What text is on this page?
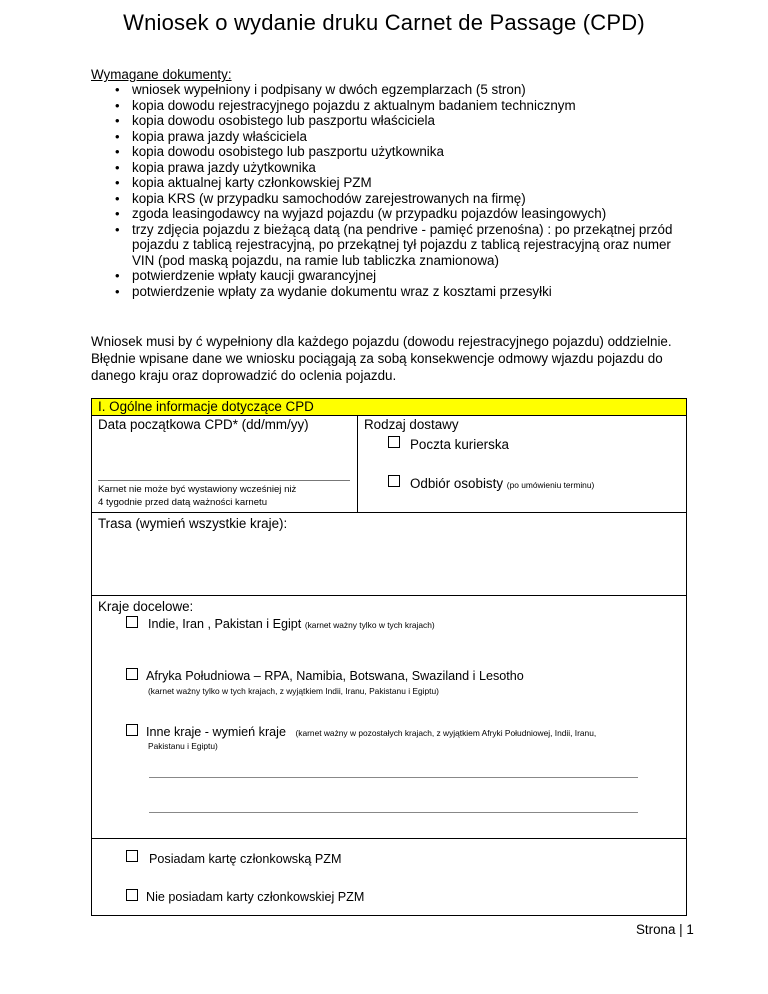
Wniosek o wydanie druku Carnet de Passage (CPD)
Wymagane dokumenty:
• wniosek wypełniony i podpisany w dwóch egzemplarzach (5 stron)
• kopia dowodu rejestracyjnego pojazdu z aktualnym badaniem technicznym
• kopia dowodu osobistego lub paszportu właściciela
• kopia prawa jazdy właściciela
• kopia dowodu osobistego lub paszportu użytkownika
• kopia prawa jazdy użytkownika
• kopia aktualnej karty członkowskiej PZM
• kopia KRS (w przypadku samochodów zarejestrowanych na firmę)
• zgoda leasingodawcy na wyjazd pojazdu (w przypadku pojazdów leasingowych)
• trzy zdjęcia pojazdu z bieżącą datą (na pendrive - pamięć przenośna) : po przekątnej przód pojazdu z tablicą rejestracyjną, po przekątnej tył pojazdu z tablicą rejestracyjną oraz numer VIN (pod maską pojazdu, na ramie lub tabliczka znamionowa)
• potwierdzenie wpłaty kaucji gwarancyjnej
• potwierdzenie wpłaty za wydanie dokumentu wraz z kosztami przesyłki

Wniosek musi by ć wypełniony dla każdego pojazdu (dowodu rejestracyjnego pojazdu) oddzielnie. Błędnie wpisane dane we wniosku pociągają za sobą konsekwencje odmowy wjazdu pojazdu do danego kraju oraz doprowadzić do oclenia pojazdu.

I. Ogólne informacje dotyczące CPD
Data początkowa CPD* (dd/mm/yy)
Karnet nie może być wystawiony wcześniej niż
4 tygodnie przed datą ważności karnetu
Rodzaj dostawy
Poczta kurierska
Odbiór osobisty (po umówieniu terminu)
Trasa (wymień wszystkie kraje):
Kraje docelowe:
Indie, Iran , Pakistan i Egipt (karnet ważny tylko w tych krajach)
Afryka Południowa – RPA, Namibia, Botswana, Swaziland i Lesotho
(karnet ważny tylko w tych krajach, z wyjątkiem Indii, Iranu, Pakistanu i Egiptu)
Inne kraje - wymień kraje (karnet ważny w pozostałych krajach, z wyjątkiem Afryki Południowej, Indii, Iranu,
Pakistanu i Egiptu)
Posiadam kartę członkowską PZM
Nie posiadam karty członkowskiej PZM
Strona | 1
